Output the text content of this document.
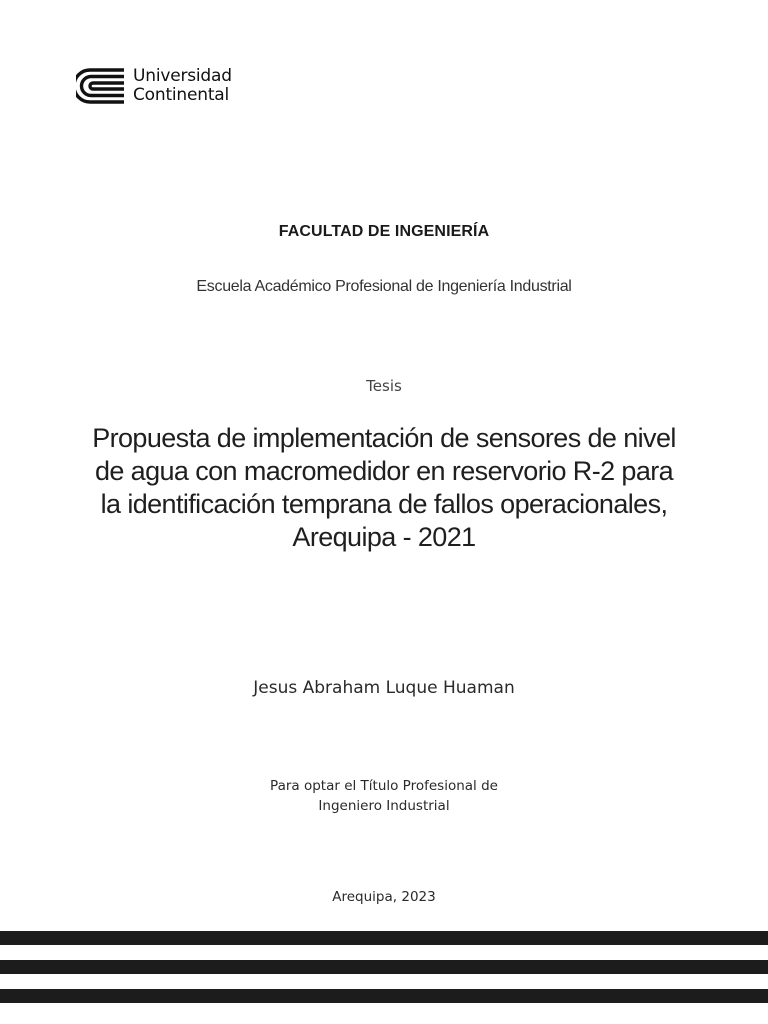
Universidad
Continental
FACULTAD DE INGENIERÍA
Escuela Académico Profesional de Ingeniería Industrial
Tesis
Propuesta de implementación de sensores de nivel de agua con macromedidor en reservorio R-2 para la identificación temprana de fallos operacionales, Arequipa - 2021
Jesus Abraham Luque Huaman
Para optar el Título Profesional de
Ingeniero Industrial
Arequipa, 2023
